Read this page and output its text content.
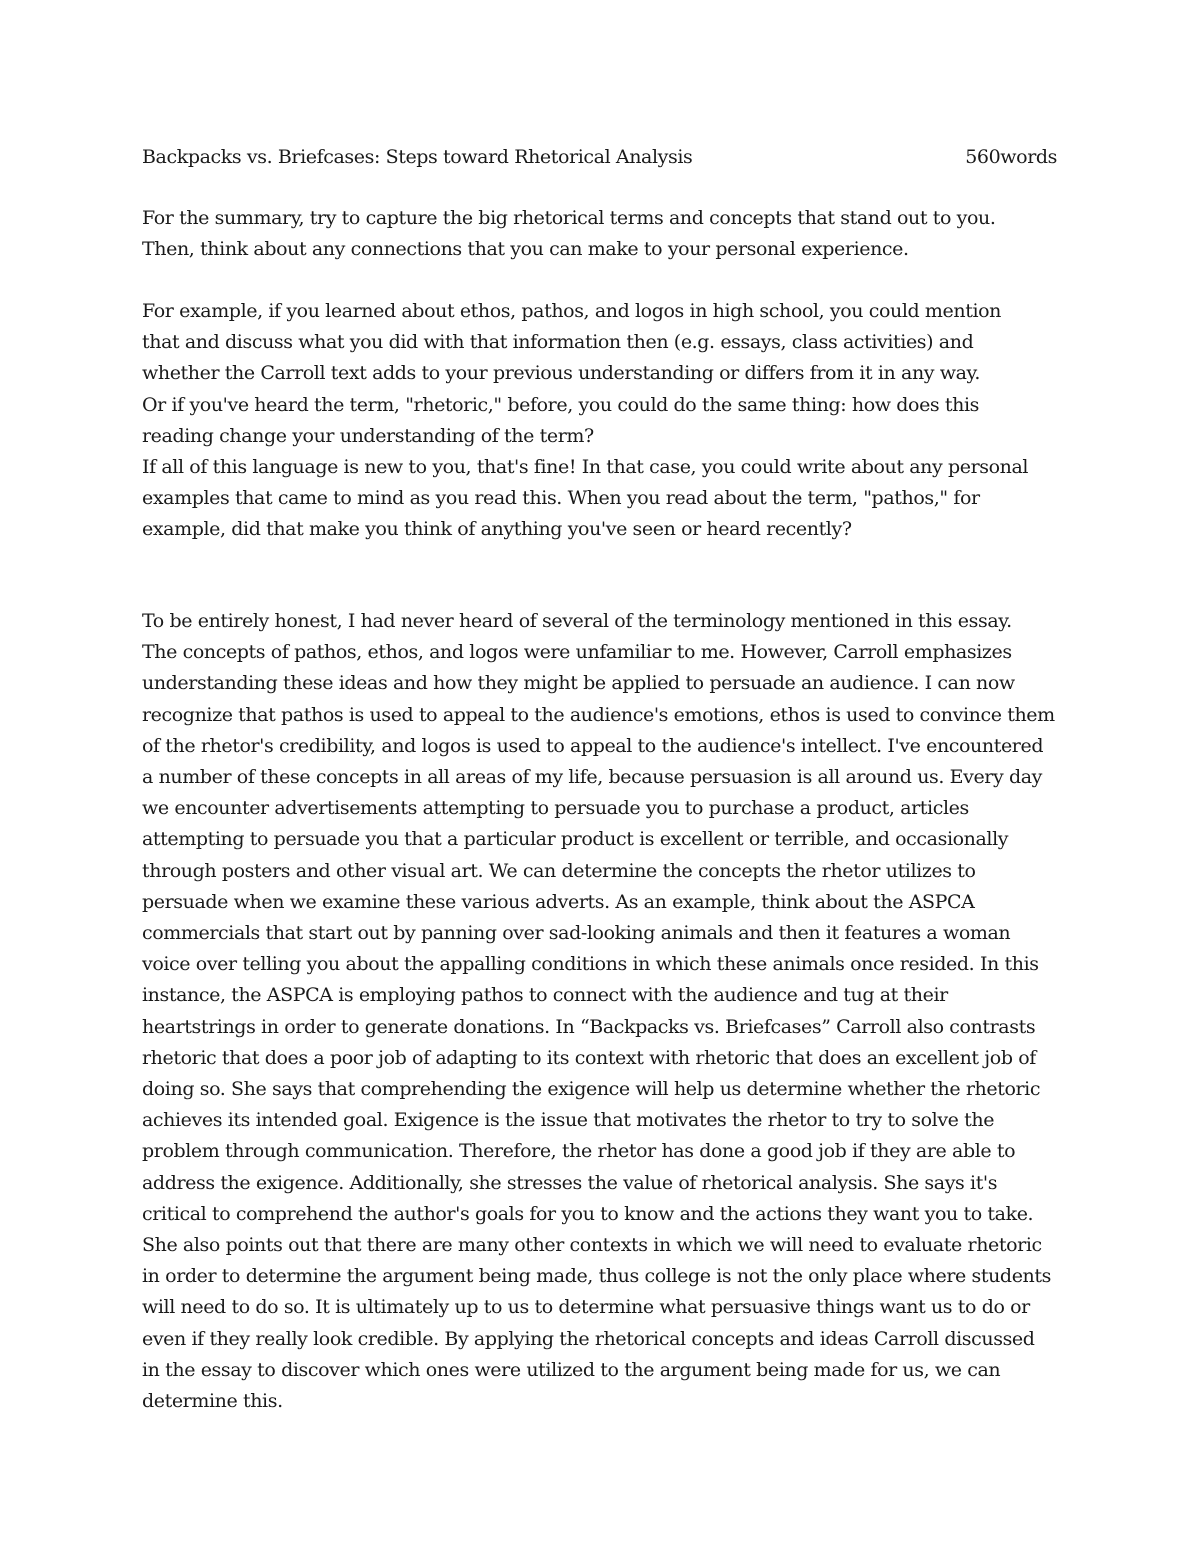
Backpacks vs. Briefcases: Steps toward Rhetorical Analysis	560words
For the summary, try to capture the big rhetorical terms and concepts that stand out to you.
Then, think about any connections that you can make to your personal experience.
For example, if you learned about ethos, pathos, and logos in high school, you could mention
that and discuss what you did with that information then (e.g. essays, class activities) and
whether the Carroll text adds to your previous understanding or differs from it in any way.
Or if you've heard the term, "rhetoric," before, you could do the same thing: how does this
reading change your understanding of the term?
If all of this language is new to you, that's fine! In that case, you could write about any personal
examples that came to mind as you read this. When you read about the term, "pathos," for
example, did that make you think of anything you've seen or heard recently?
To be entirely honest, I had never heard of several of the terminology mentioned in this essay.
The concepts of pathos, ethos, and logos were unfamiliar to me. However, Carroll emphasizes
understanding these ideas and how they might be applied to persuade an audience. I can now
recognize that pathos is used to appeal to the audience's emotions, ethos is used to convince them
of the rhetor's credibility, and logos is used to appeal to the audience's intellect. I've encountered
a number of these concepts in all areas of my life, because persuasion is all around us. Every day
we encounter advertisements attempting to persuade you to purchase a product, articles
attempting to persuade you that a particular product is excellent or terrible, and occasionally
through posters and other visual art. We can determine the concepts the rhetor utilizes to
persuade when we examine these various adverts. As an example, think about the ASPCA
commercials that start out by panning over sad-looking animals and then it features a woman
voice over telling you about the appalling conditions in which these animals once resided. In this
instance, the ASPCA is employing pathos to connect with the audience and tug at their
heartstrings in order to generate donations. In “Backpacks vs. Briefcases” Carroll also contrasts
rhetoric that does a poor job of adapting to its context with rhetoric that does an excellent job of
doing so. She says that comprehending the exigence will help us determine whether the rhetoric
achieves its intended goal. Exigence is the issue that motivates the rhetor to try to solve the
problem through communication. Therefore, the rhetor has done a good job if they are able to
address the exigence. Additionally, she stresses the value of rhetorical analysis. She says it's
critical to comprehend the author's goals for you to know and the actions they want you to take.
She also points out that there are many other contexts in which we will need to evaluate rhetoric
in order to determine the argument being made, thus college is not the only place where students
will need to do so. It is ultimately up to us to determine what persuasive things want us to do or
even if they really look credible. By applying the rhetorical concepts and ideas Carroll discussed
in the essay to discover which ones were utilized to the argument being made for us, we can
determine this.
